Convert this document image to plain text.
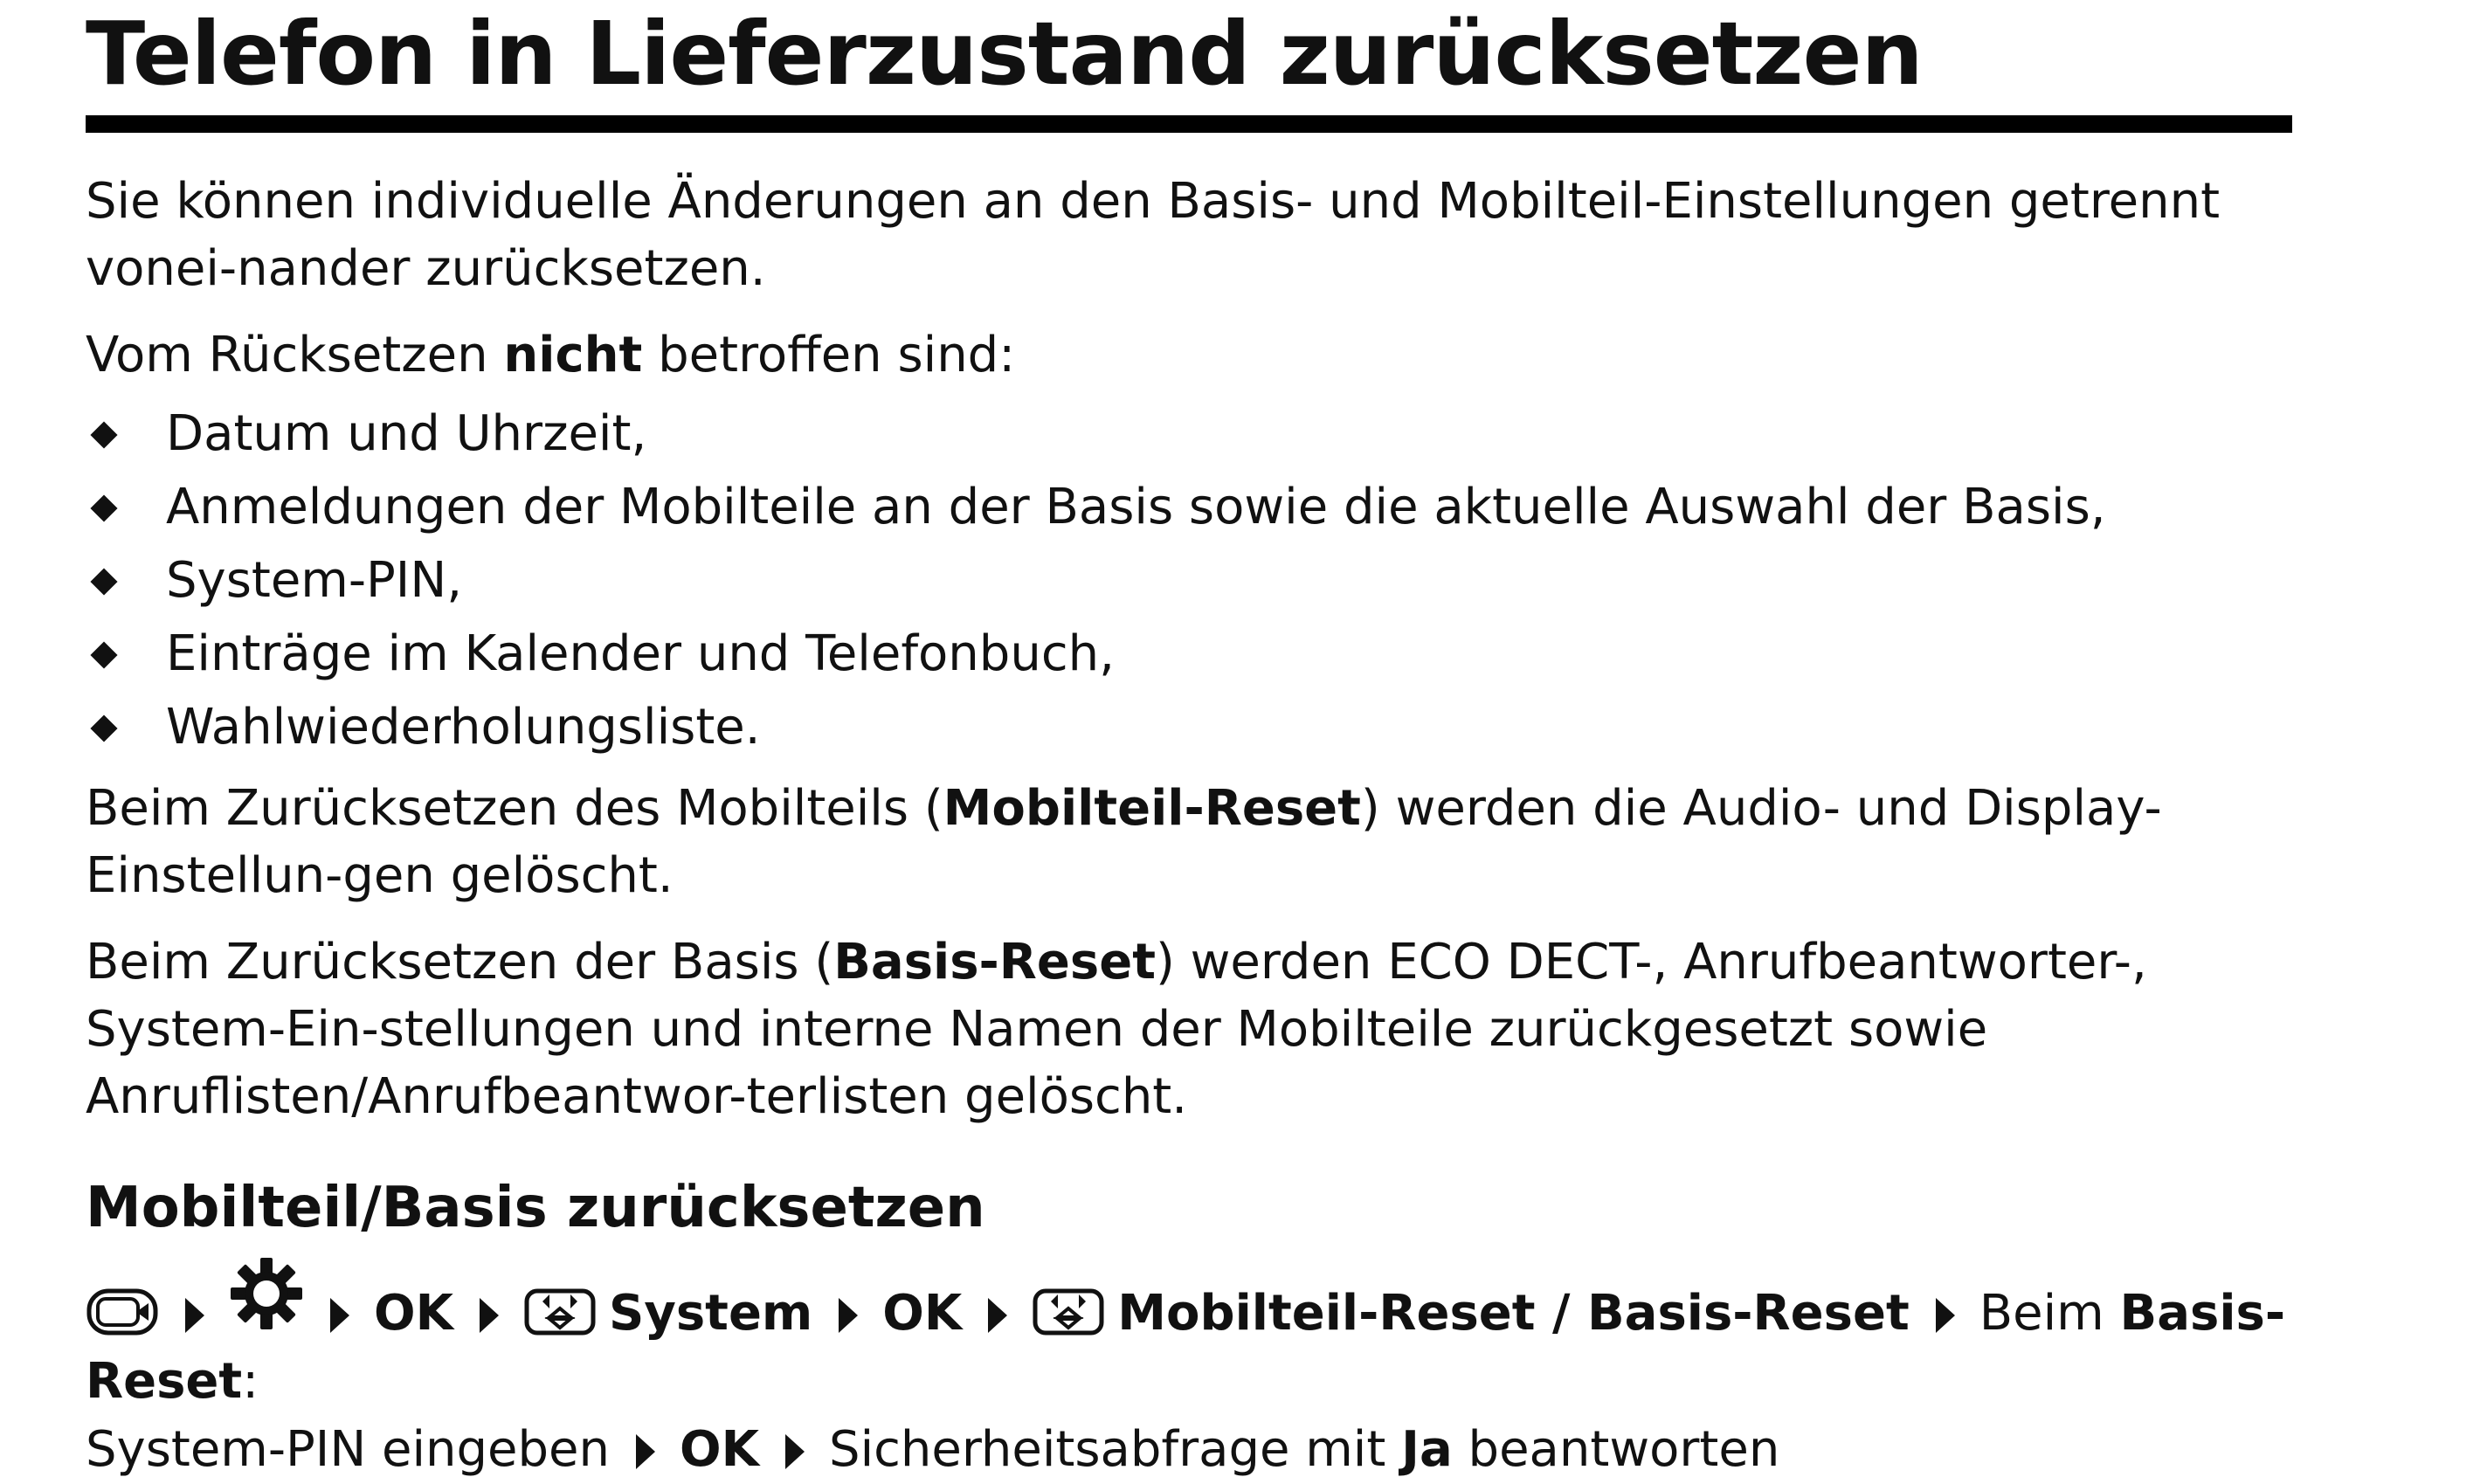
Telefon in Lieferzustand zurücksetzen

Sie können individuelle Änderungen an den Basis- und Mobilteil-Einstellungen getrennt vonei-nander zurücksetzen.

Vom Rücksetzen nicht betroffen sind:

Datum und Uhrzeit,
Anmeldungen der Mobilteile an der Basis sowie die aktuelle Auswahl der Basis,
System-PIN,
Einträge im Kalender und Telefonbuch,
Wahlwiederholungsliste.

Beim Zurücksetzen des Mobilteils (Mobilteil-Reset) werden die Audio- und Display-Einstellun-gen gelöscht.

Beim Zurücksetzen der Basis (Basis-Reset) werden ECO DECT-, Anrufbeantworter-, System-Ein-stellungen und interne Namen der Mobilteile zurückgesetzt sowie Anruflisten/Anrufbeantwor-terlisten gelöscht.

Mobilteil/Basis zurücksetzen
OK	System OK	Mobilteil-Reset / Basis-Reset Beim Basis-Reset:
System-PIN eingeben OK Sicherheitsabfrage mit Ja beantworten
